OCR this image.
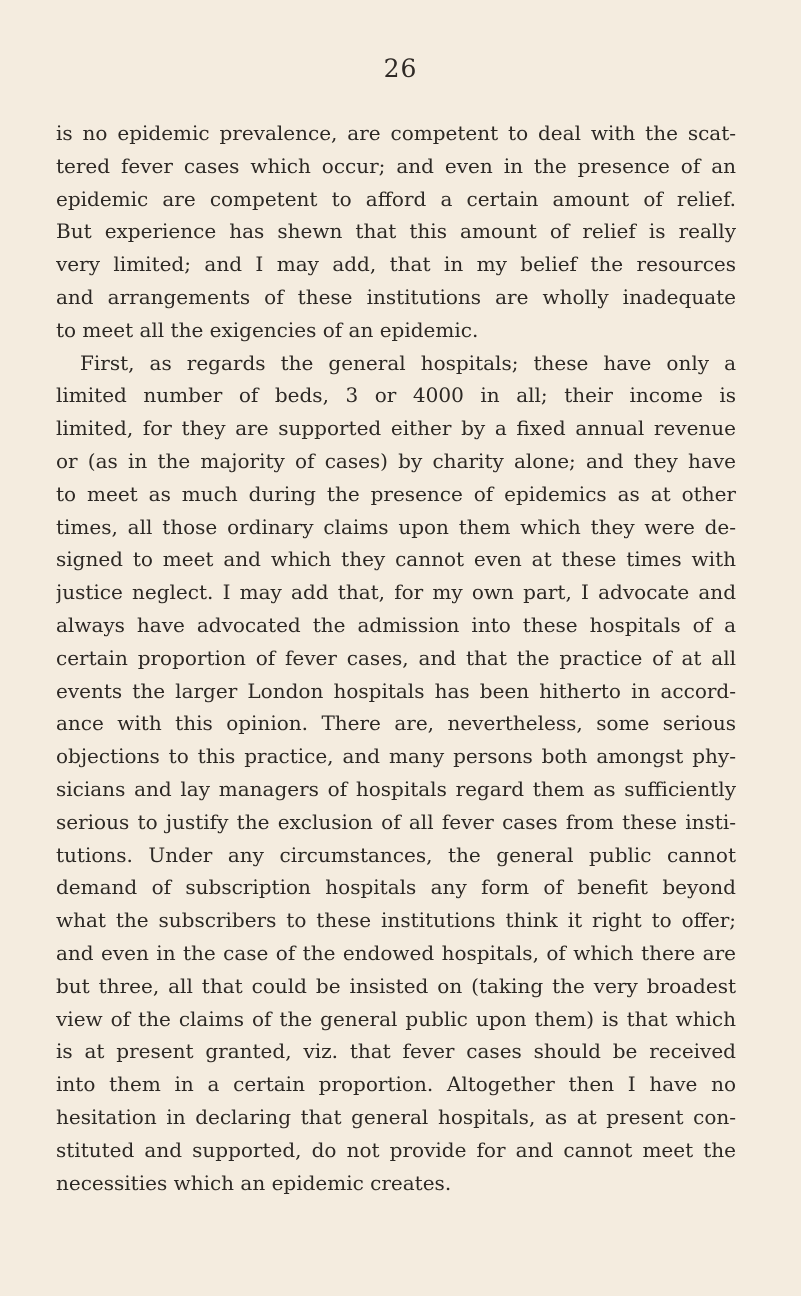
26
is no epidemic prevalence, are competent to deal with the scat-
tered fever cases which occur; and even in the presence of an
epidemic are competent to afford a certain amount of relief.
But experience has shewn that this amount of relief is really
very limited; and I may add, that in my belief the resources
and arrangements of these institutions are wholly inadequate
to meet all the exigencies of an epidemic.
First, as regards the general hospitals; these have only a
limited number of beds, 3 or 4000 in all; their income is
limited, for they are supported either by a fixed annual revenue
or (as in the majority of cases) by charity alone; and they have
to meet as much during the presence of epidemics as at other
times, all those ordinary claims upon them which they were de-
signed to meet and which they cannot even at these times with
justice neglect. I may add that, for my own part, I advocate and
always have advocated the admission into these hospitals of a
certain proportion of fever cases, and that the practice of at all
events the larger London hospitals has been hitherto in accord-
ance with this opinion. There are, nevertheless, some serious
objections to this practice, and many persons both amongst phy-
sicians and lay managers of hospitals regard them as sufficiently
serious to justify the exclusion of all fever cases from these insti-
tutions. Under any circumstances, the general public cannot
demand of subscription hospitals any form of benefit beyond
what the subscribers to these institutions think it right to offer;
and even in the case of the endowed hospitals, of which there are
but three, all that could be insisted on (taking the very broadest
view of the claims of the general public upon them) is that which
is at present granted, viz. that fever cases should be received
into them in a certain proportion. Altogether then I have no
hesitation in declaring that general hospitals, as at present con-
stituted and supported, do not provide for and cannot meet the
necessities which an epidemic creates.
